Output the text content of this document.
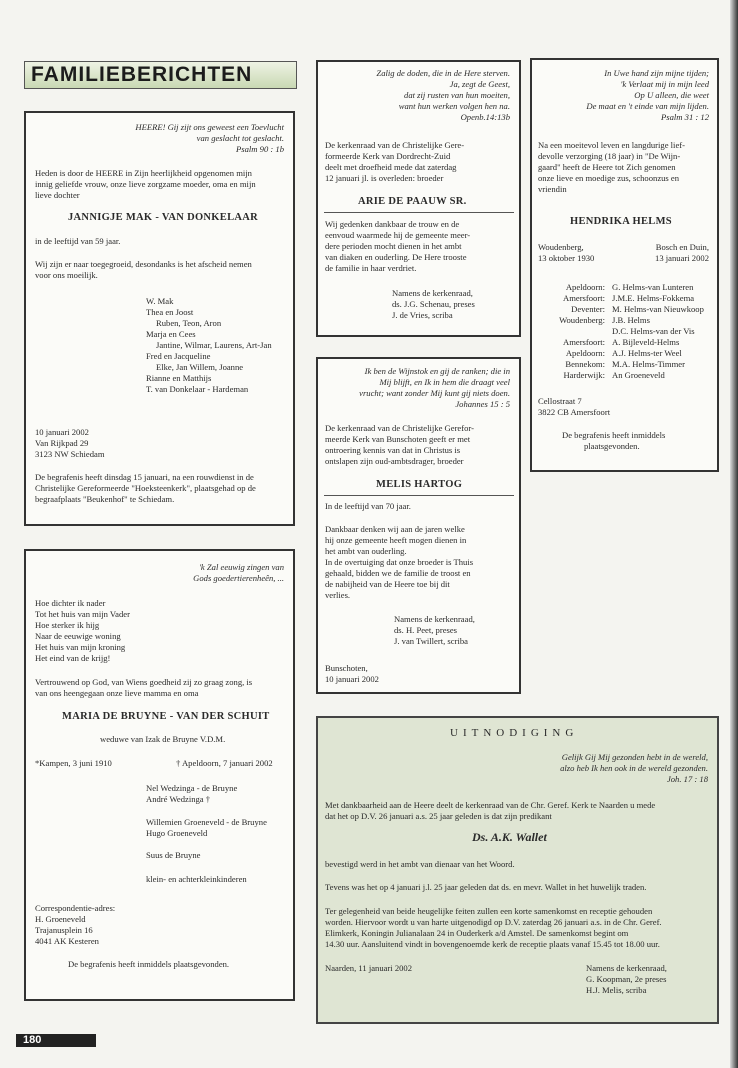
FAMILIEBERICHTEN

HEERE! Gij zijt ons geweest een Toevlucht

van geslacht tot geslacht.

Psalm 90 : 1b

Heden is door de HEERE in Zijn heerlijkheid opgenomen mijn

innig geliefde vrouw, onze lieve zorgzame moeder, oma en mijn

lieve dochter

JANNIGJE MAK - VAN DONKELAAR

in de leeftijd van 59 jaar.

Wij zijn er naar toegegroeid, desondanks is het afscheid nemen

voor ons moeilijk.

W. Mak

Thea en Joost

Ruben, Teon, Aron

Marja en Cees

Jantine, Wilmar, Laurens, Art-Jan

Fred en Jacqueline

Elke, Jan Willem, Joanne

Rianne en Matthijs

T. van Donkelaar - Hardeman

10 januari 2002

Van Rijkpad 29

3123 NW Schiedam

De begrafenis heeft dinsdag 15 januari, na een rouwdienst in de

Christelijke Gereformeerde "Hoeksteenkerk", plaatsgehad op de

begraafplaats "Beukenhof" te Schiedam.

'k Zal eeuwig zingen van

Gods goedertierenheên, ...

Hoe dichter ik nader

Tot het huis van mijn Vader

Hoe sterker ik hijg

Naar de eeuwige woning

Het huis van mijn kroning

Het eind van de krijg!

Vertrouwend op God, van Wiens goedheid zij zo graag zong, is

van ons heengegaan onze lieve mamma en oma

MARIA DE BRUYNE - VAN DER SCHUIT

weduwe van Izak de Bruyne V.D.M.

*Kampen, 3 juni 1910	† Apeldoorn, 7 januari 2002

Nel Wedzinga - de Bruyne

André Wedzinga †

Willemien Groeneveld - de Bruyne

Hugo Groeneveld

Suus de Bruyne

klein- en achterkleinkinderen

Correspondentie-adres:

H. Groeneveld

Trajanusplein 16

4041 AK Kesteren

De begrafenis heeft inmiddels plaatsgevonden.

Zalig de doden, die in de Here sterven.

Ja, zegt de Geest,

dat zij rusten van hun moeiten,

want hun werken volgen hen na.

Openb.14:13b

De kerkenraad van de Christelijke Gere-

formeerde Kerk van Dordrecht-Zuid

deelt met droefheid mede dat zaterdag

12 januari jl. is overleden: broeder

ARIE DE PAAUW SR.

Wij gedenken dankbaar de trouw en de

eenvoud waarmede hij de gemeente meer-

dere perioden mocht dienen in het ambt

van diaken en ouderling. De Here trooste

de familie in haar verdriet.

Namens de kerkenraad,

ds. J.G. Schenau, preses

J. de Vries, scriba

Ik ben de Wijnstok en gij de ranken; die in

Mij blijft, en Ik in hem die draagt veel

vrucht; want zonder Mij kunt gij niets doen.

Johannes 15 : 5

De kerkenraad van de Christelijke Gerefor-

meerde Kerk van Bunschoten geeft er met

ontroering kennis van dat in Christus is

ontslapen zijn oud-ambtsdrager, broeder

MELIS HARTOG

In de leeftijd van 70 jaar.

Dankbaar denken wij aan de jaren welke

hij onze gemeente heeft mogen dienen in

het ambt van ouderling.

In de overtuiging dat onze broeder is Thuis

gehaald, bidden we de familie de troost en

de nabijheid van de Heere toe bij dit

verlies.

Namens de kerkenraad,

ds. H. Peet, preses

J. van Twillert, scriba

Bunschoten,

10 januari 2002

In Uwe hand zijn mijne tijden;

'k Verlaat mij in mijn leed

Op U alleen, die weet

De maat en 't einde van mijn lijden.

Psalm 31 : 12

Na een moeitevol leven en langdurige lief-

devolle verzorging (18 jaar) in "De Wijn-

gaard" heeft de Heere tot Zich genomen

onze lieve en moedige zus, schoonzus en

vriendin

HENDRIKA HELMS

Woudenberg,

13 oktober 1930

Bosch en Duin,

13 januari 2002

Apeldoorn: G. Helms-van Lunteren

Amersfoort: J.M.E. Helms-Fokkema

Deventer: M. Helms-van Nieuwkoop

Woudenberg: J.B. Helms

D.C. Helms-van der Vis

Amersfoort: A. Bijleveld-Helms

Apeldoorn: A.J. Helms-ter Weel

Bennekom: M.A. Helms-Timmer

Harderwijk: An Groeneveld

Cellostraat 7

3822 CB Amersfoort

De begrafenis heeft inmiddels

plaatsgevonden.

UITNODIGING

Gelijk Gij Mij gezonden hebt in de wereld,

alzo heb Ik hen ook in de wereld gezonden.

Joh. 17 : 18

Met dankbaarheid aan de Heere deelt de kerkenraad van de Chr. Geref. Kerk te Naarden u mede

dat het op D.V. 26 januari a.s. 25 jaar geleden is dat zijn predikant

Ds. A.K. Wallet

bevestigd werd in het ambt van dienaar van het Woord.

Tevens was het op 4 januari j.l. 25 jaar geleden dat ds. en mevr. Wallet in het huwelijk traden.

Ter gelegenheid van beide heugelijke feiten zullen een korte samenkomst en receptie gehouden

worden. Hiervoor wordt u van harte uitgenodigd op D.V. zaterdag 26 januari a.s. in de Chr. Geref.

Elimkerk, Koningin Julianalaan 24 in Ouderkerk a/d Amstel. De samenkomst begint om

14.30 uur. Aansluitend vindt in bovengenoemde kerk de receptie plaats vanaf 15.45 tot 18.00 uur.

Naarden, 11 januari 2002	Namens de kerkenraad,

G. Koopman, 2e preses

H.J. Melis, scriba

180
